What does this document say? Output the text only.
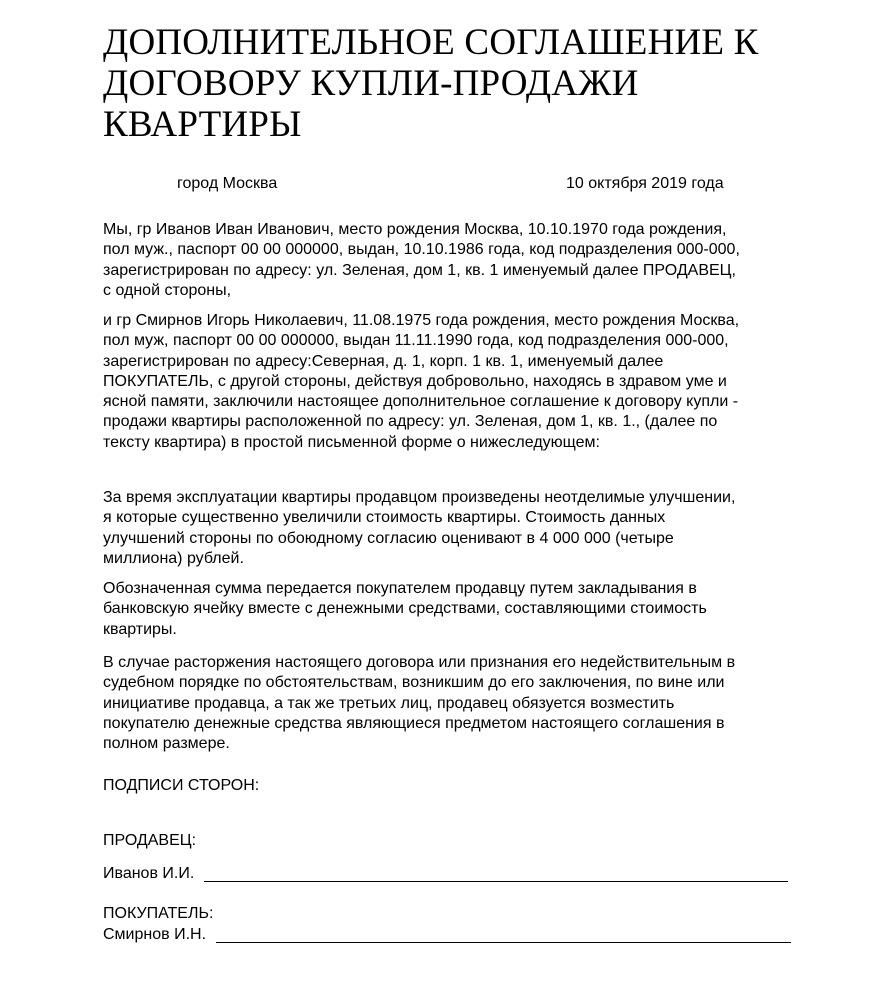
ДОПОЛНИТЕЛЬНОЕ СОГЛАШЕНИЕ К
ДОГОВОРУ КУПЛИ-ПРОДАЖИ
КВАРТИРЫ
город Москва	10 октября 2019 года

Мы, гр Иванов Иван Иванович, место рождения Москва, 10.10.1970 года рождения,
пол муж., паспорт 00 00 000000, выдан, 10.10.1986 года, код подразделения 000-000,
зарегистрирован по адресу: ул. Зеленая, дом 1, кв. 1 именуемый далее ПРОДАВЕЦ,
с одной стороны,

и гр Смирнов Игорь Николаевич, 11.08.1975 года рождения, место рождения Москва,
пол муж, паспорт 00 00 000000, выдан 11.11.1990 года, код подразделения 000-000,
зарегистрирован по адресу:Северная, д. 1, корп. 1 кв. 1, именуемый далее
ПОКУПАТЕЛЬ, с другой стороны, действуя добровольно, находясь в здравом уме и
ясной памяти, заключили настоящее дополнительное соглашение к договору купли -
продажи квартиры расположенной по адресу: ул. Зеленая, дом 1, кв. 1., (далее по
тексту квартира) в простой письменной форме о нижеследующем:

За время эксплуатации квартиры продавцом произведены неотделимые улучшении,
я которые существенно увеличили стоимость квартиры. Стоимость данных
улучшений стороны по обоюдному согласию оценивают в 4 000 000 (четыре
миллиона) рублей.

Обозначенная сумма передается покупателем продавцу путем закладывания в
банковскую ячейку вместе с денежными средствами, составляющими стоимость
квартиры.

В случае расторжения настоящего договора или признания его недействительным в
судебном порядке по обстоятельствам, возникшим до его заключения, по вине или
инициативе продавца, а так же третьих лиц, продавец обязуется возместить
покупателю денежные средства являющиеся предметом настоящего соглашения в
полном размере.

ПОДПИСИ СТОРОН:
ПРОДАВЕЦ:
Иванов И.И.
ПОКУПАТЕЛЬ:
Смирнов И.Н.
